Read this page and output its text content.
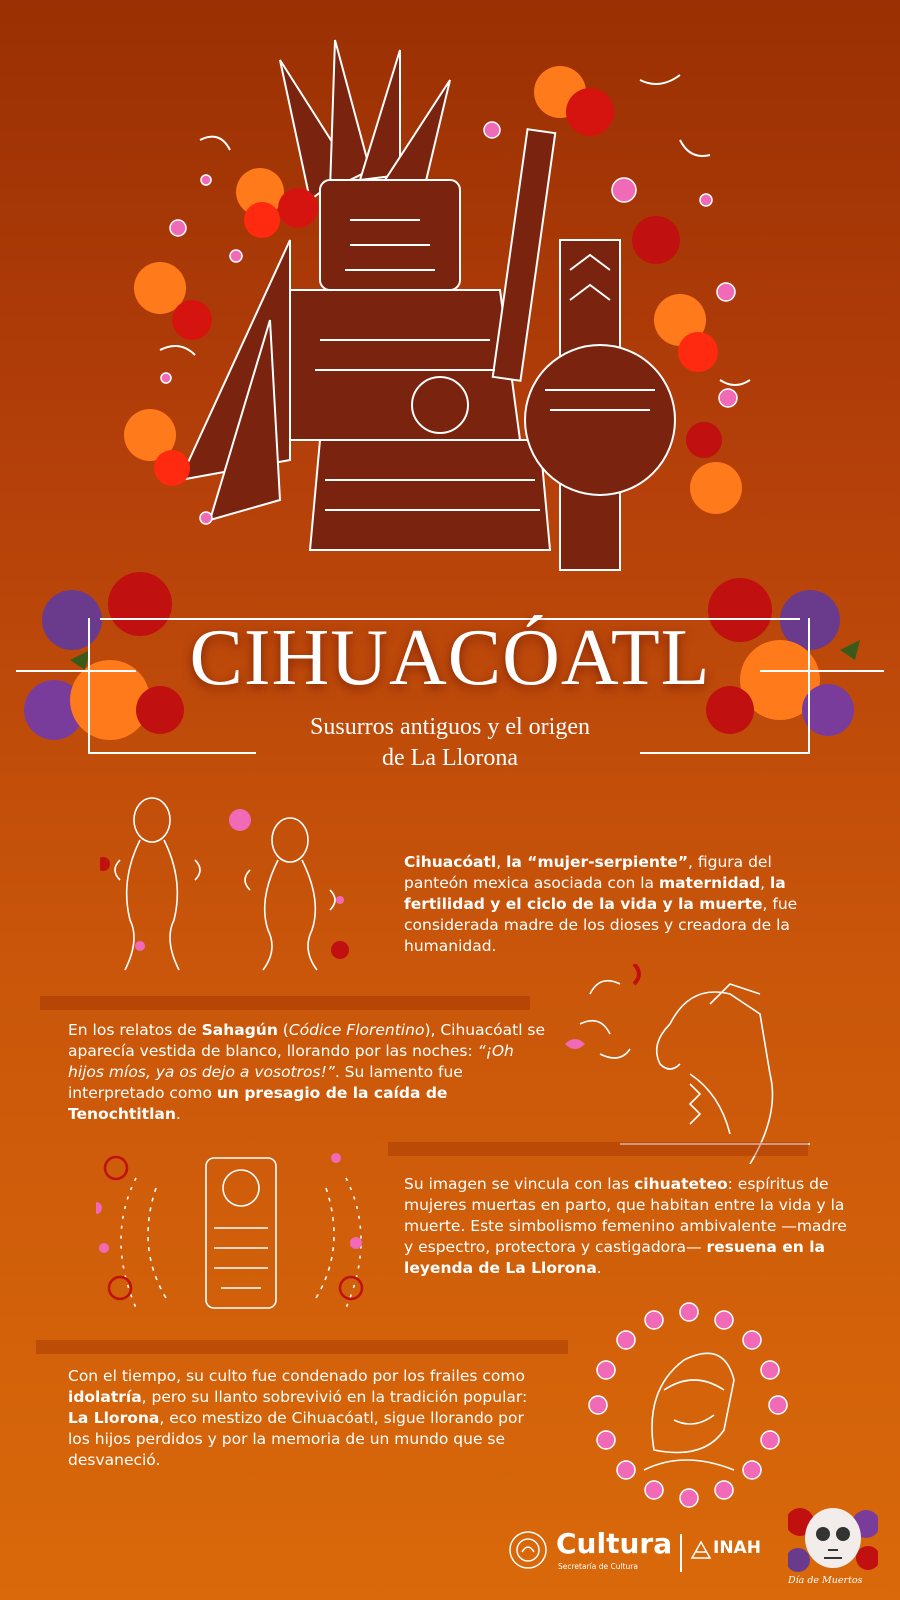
CIHUACÓATL
Susurros antiguos y el origen
de La Llorona
Cihuacóatl, la “mujer-serpiente”, figura del panteón mexica asociada con la maternidad, la fertilidad y el ciclo de la vida y la muerte, fue considerada madre de los dioses y creadora de la humanidad.
En los relatos de Sahagún (Códice Florentino), Cihuacóatl se aparecía vestida de blanco, llorando por las noches: “¡Oh hijos míos, ya os dejo a vosotros!”. Su lamento fue interpretado como un presagio de la caída de Tenochtitlan.
Su imagen se vincula con las cihuateteo: espíritus de mujeres muertas en parto, que habitan entre la vida y la muerte. Este simbolismo femenino ambivalente —madre y espectro, protectora y castigadora— resuena en la leyenda de La Llorona.
Con el tiempo, su culto fue condenado por los frailes como idolatría, pero su llanto sobrevivió en la tradición popular: La Llorona, eco mestizo de Cihuacóatl, sigue llorando por los hijos perdidos y por la memoria de un mundo que se desvaneció.
Cultura
Secretaría de Cultura
INAH
Día de Muertos
